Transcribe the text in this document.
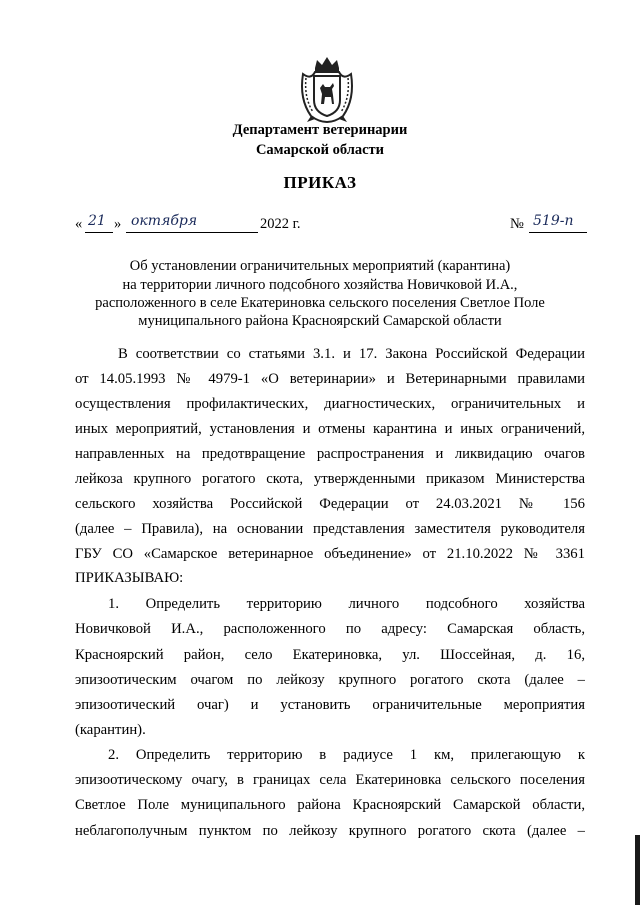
Департамент ветеринарии
Самарской области
ПРИКАЗ
« 21 » октября	2022 г.	№ 519-п
Об установлении ограничительных мероприятий (карантина)
на территории личного подсобного хозяйства Новичковой И.А.,
расположенного в селе Екатериновка сельского поселения Светлое Поле
муниципального района Красноярский Самарской области
В соответствии со статьями 3.1. и 17. Закона Российской Федерации
от 14.05.1993 № 4979-1 «О ветеринарии» и Ветеринарными правилами
осуществления профилактических, диагностических, ограничительных и
иных мероприятий, установления и отмены карантина и иных ограничений,
направленных на предотвращение распространения и ликвидацию очагов
лейкоза крупного рогатого скота, утвержденными приказом Министерства
сельского хозяйства Российской Федерации от 24.03.2021 № 156
(далее – Правила), на основании представления заместителя руководителя
ГБУ СО «Самарское ветеринарное объединение» от 21.10.2022 № 3361
ПРИКАЗЫВАЮ:
1. Определить территорию личного подсобного хозяйства
Новичковой И.А., расположенного по адресу: Самарская область,
Красноярский район, село Екатериновка, ул. Шоссейная, д. 16,
эпизоотическим очагом по лейкозу крупного рогатого скота (далее –
эпизоотический очаг) и установить ограничительные мероприятия
(карантин).
2. Определить территорию в радиусе 1 км, прилегающую к
эпизоотическому очагу, в границах села Екатериновка сельского поселения
Светлое Поле муниципального района Красноярский Самарской области,
неблагополучным пунктом по лейкозу крупного рогатого скота (далее –
